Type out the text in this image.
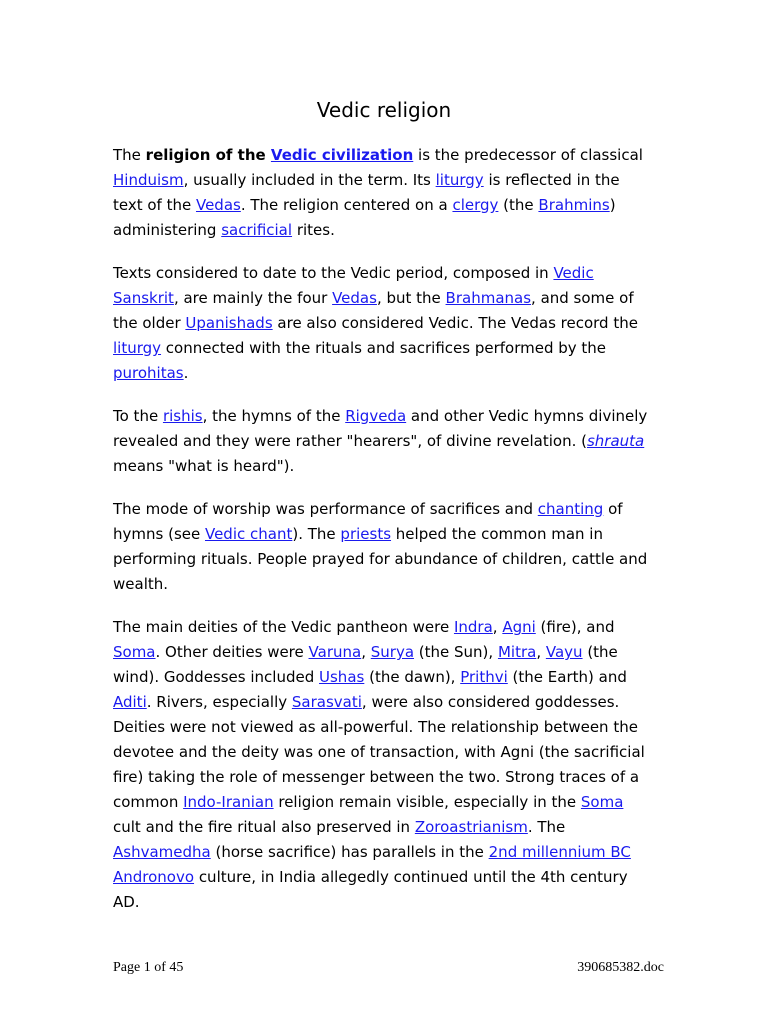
Vedic religion

The religion of the Vedic civilization is the predecessor of classical Hinduism, usually included in the term. Its liturgy is reflected in the text of the Vedas. The religion centered on a clergy (the Brahmins) administering sacrificial rites.

Texts considered to date to the Vedic period, composed in Vedic Sanskrit, are mainly the four Vedas, but the Brahmanas, and some of the older Upanishads are also considered Vedic. The Vedas record the liturgy connected with the rituals and sacrifices performed by the purohitas.

To the rishis, the hymns of the Rigveda and other Vedic hymns divinely revealed and they were rather "hearers", of divine revelation. (shrauta means "what is heard").

The mode of worship was performance of sacrifices and chanting of hymns (see Vedic chant). The priests helped the common man in performing rituals. People prayed for abundance of children, cattle and wealth.

The main deities of the Vedic pantheon were Indra, Agni (fire), and Soma. Other deities were Varuna, Surya (the Sun), Mitra, Vayu (the wind). Goddesses included Ushas (the dawn), Prithvi (the Earth) and Aditi. Rivers, especially Sarasvati, were also considered goddesses. Deities were not viewed as all-powerful. The relationship between the devotee and the deity was one of transaction, with Agni (the sacrificial fire) taking the role of messenger between the two. Strong traces of a common Indo-Iranian religion remain visible, especially in the Soma cult and the fire ritual also preserved in Zoroastrianism. The Ashvamedha (horse sacrifice) has parallels in the 2nd millennium BC Andronovo culture, in India allegedly continued until the 4th century AD.

Page 1 of 45	390685382.doc
